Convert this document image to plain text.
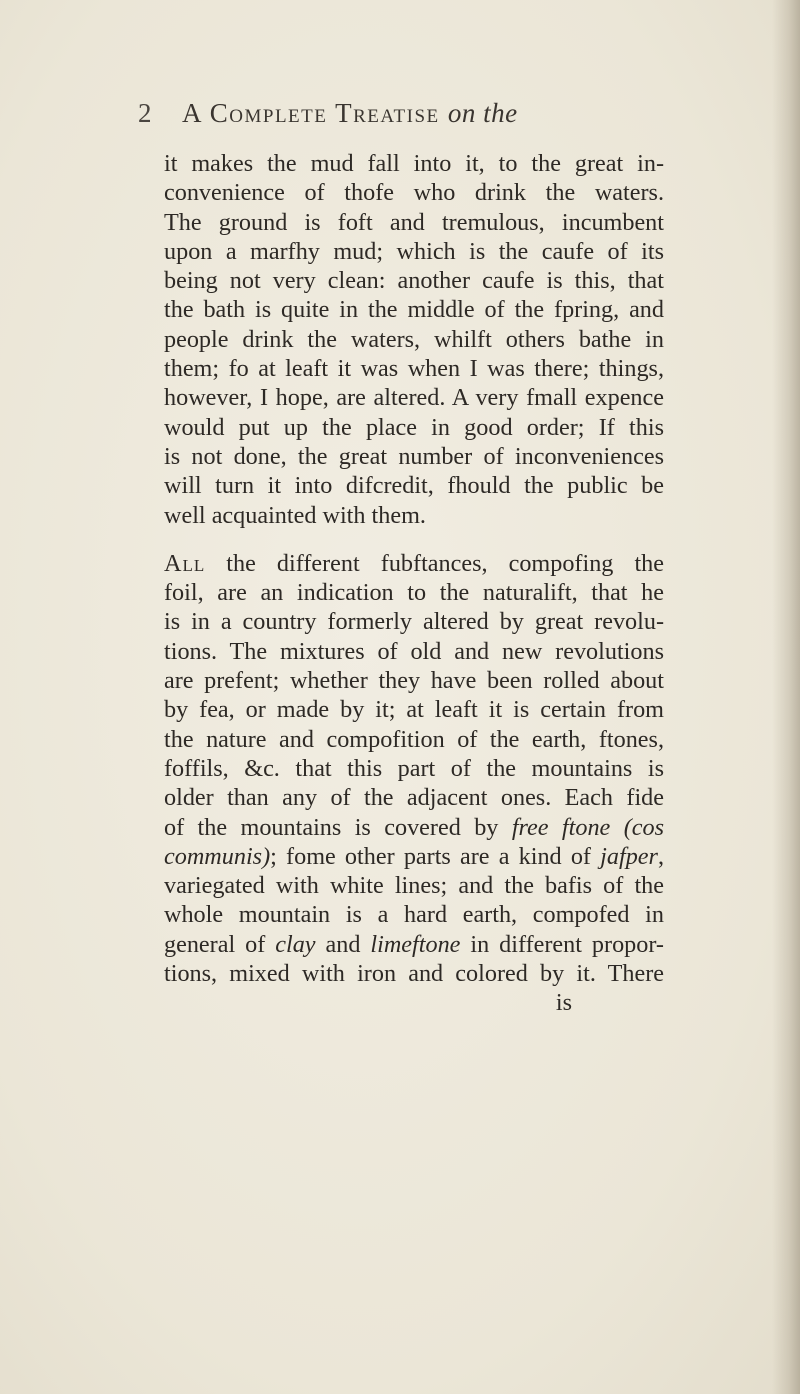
2 A Complete Treatise on the
it makes the mud fall into it, to the great in-
convenience of thofe who drink the waters.
The ground is foft and tremulous, incumbent
upon a marfhy mud; which is the caufe of its
being not very clean: another caufe is this, that
the bath is quite in the middle of the fpring, and
people drink the waters, whilft others bathe in
them; fo at leaft it was when I was there; things,
however, I hope, are altered. A very fmall expence
would put up the place in good order; If this
is not done, the great number of inconveniences
will turn it into difcredit, fhould the public be
well acquainted with them.
All the different fubftances, compofing the
foil, are an indication to the naturalift, that he
is in a country formerly altered by great revolu-
tions. The mixtures of old and new revolutions
are prefent; whether they have been rolled about
by fea, or made by it; at leaft it is certain from
the nature and compofition of the earth, ftones,
foffils, &c. that this part of the mountains is
older than any of the adjacent ones. Each fide
of the mountains is covered by free ftone (cos
communis); fome other parts are a kind of jafper,
variegated with white lines; and the bafis of the
whole mountain is a hard earth, compofed in
general of clay and limeftone in different propor-
tions, mixed with iron and colored by it. There
is
